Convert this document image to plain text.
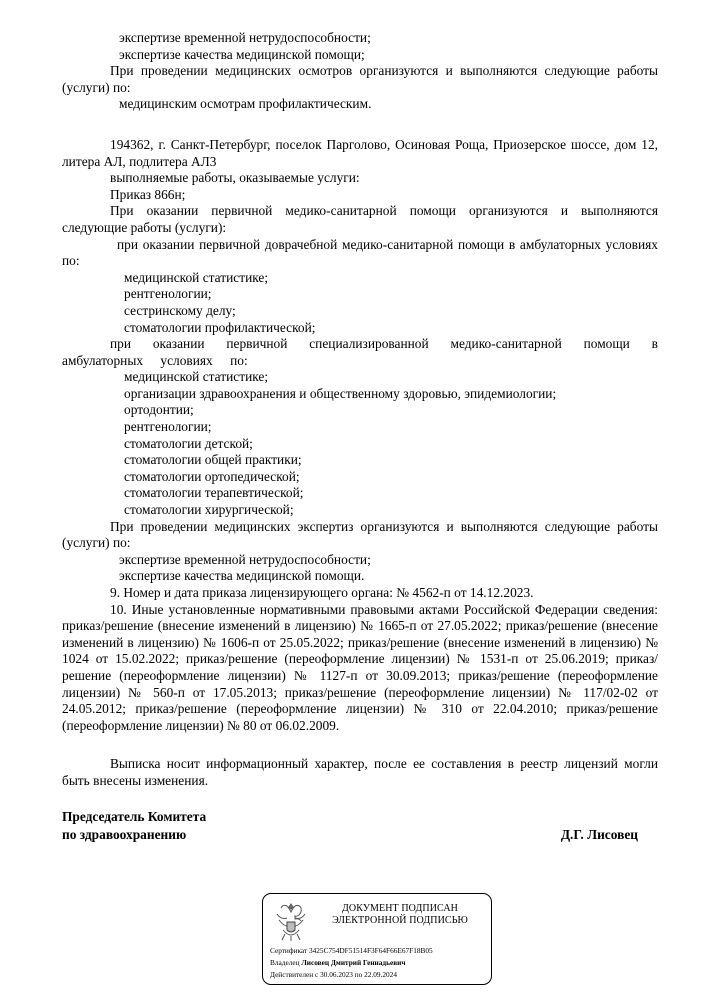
экспертизе временной нетрудоспособности;

экспертизе качества медицинской помощи;

При проведении медицинских осмотров организуются и выполняются следующие работы (услуги) по:

медицинским осмотрам профилактическим.

194362, г. Санкт-Петербург, поселок Парголово, Осиновая Роща, Приозерское шоссе, дом 12, литера АЛ, подлитера АЛ3

выполняемые работы, оказываемые услуги:

Приказ 866н;

При оказании первичной медико-санитарной помощи организуются и выполняются следующие работы (услуги):

при оказании первичной доврачебной медико-санитарной помощи в амбулаторных условиях по:

медицинской статистике;

рентгенологии;

сестринскому делу;

стоматологии профилактической;

при оказании первичной специализированной медико-санитарной помощи в амбулаторных условиях по:

медицинской статистике;

организации здравоохранения и общественному здоровью, эпидемиологии;

ортодонтии;

рентгенологии;

стоматологии детской;

стоматологии общей практики;

стоматологии ортопедической;

стоматологии терапевтической;

стоматологии хирургической;

При проведении медицинских экспертиз организуются и выполняются следующие работы (услуги) по:

экспертизе временной нетрудоспособности;

экспертизе качества медицинской помощи.

9. Номер и дата приказа лицензирующего органа: № 4562-п от 14.12.2023.

10. Иные установленные нормативными правовыми актами Российской Федерации сведения: приказ/решение (внесение изменений в лицензию) № 1665-п от 27.05.2022; приказ/решение (внесение изменений в лицензию) № 1606-п от 25.05.2022; приказ/решение (внесение изменений в лицензию) № 1024 от 15.02.2022; приказ/решение (переоформление лицензии) № 1531-п от 25.06.2019; приказ/решение (переоформление лицензии) № 1127-п от 30.09.2013; приказ/решение (переоформление лицензии) № 560-п от 17.05.2013; приказ/решение (переоформление лицензии) № 117/02-02 от 24.05.2012; приказ/решение (переоформление лицензии) № 310 от 22.04.2010; приказ/решение (переоформление лицензии) № 80 от 06.02.2009.

Выписка носит информационный характер, после ее составления в реестр лицензий могли быть внесены изменения.

Председатель Комитета
по здравоохранению	Д.Г. Лисовец
ДОКУМЕНТ ПОДПИСАН
ЭЛЕКТРОННОЙ ПОДПИСЬЮ
Сертификат 3425C754DF51514F3F64F66E67F18B05
Владелец Лисовец Дмитрий Геннадьевич
Действителен с 30.06.2023 по 22.09.2024
